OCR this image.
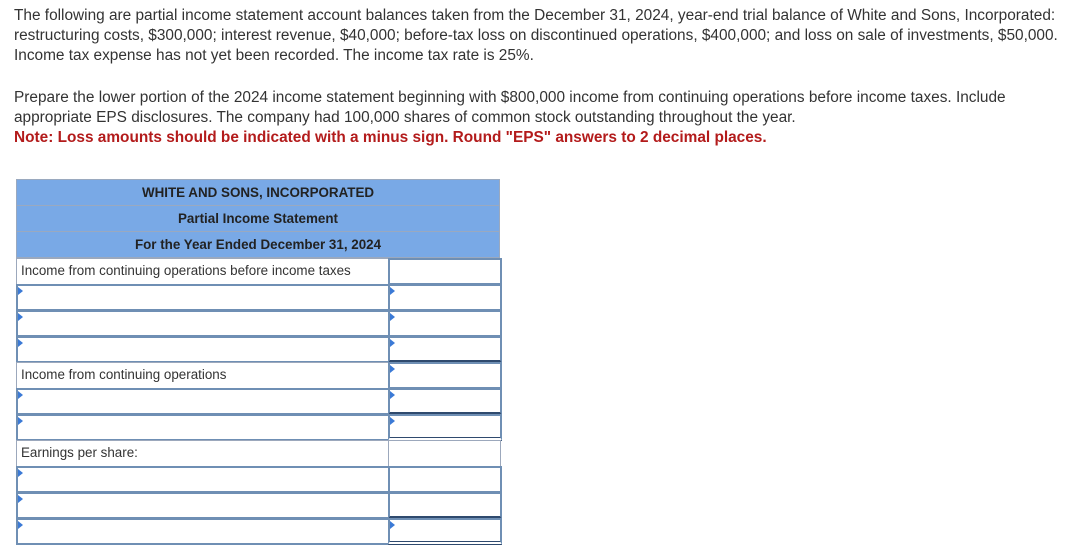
The following are partial income statement account balances taken from the December 31, 2024, year-end trial balance of White and Sons, Incorporated: restructuring costs, $300,000; interest revenue, $40,000; before-tax loss on discontinued operations, $400,000; and loss on sale of investments, $50,000. Income tax expense has not yet been recorded. The income tax rate is 25%.

Prepare the lower portion of the 2024 income statement beginning with $800,000 income from continuing operations before income taxes. Include appropriate EPS disclosures. The company had 100,000 shares of common stock outstanding throughout the year.
Note: Loss amounts should be indicated with a minus sign. Round "EPS" answers to 2 decimal places.

WHITE AND SONS, INCORPORATED
Partial Income Statement
For the Year Ended December 31, 2024
Income from continuing operations before income taxes
Income from continuing operations
Earnings per share:
